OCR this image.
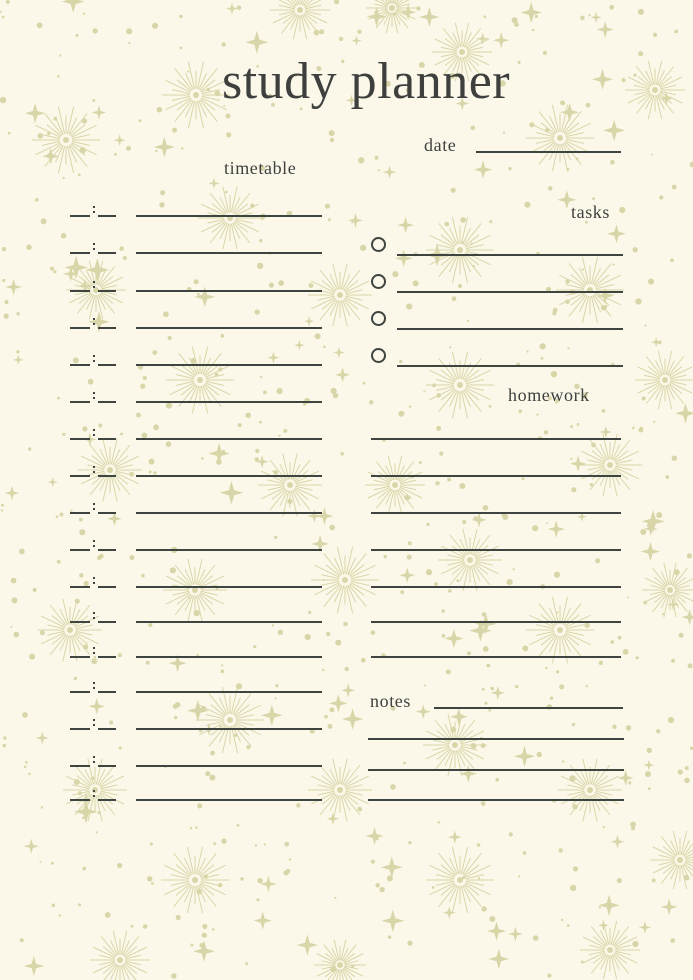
study planner
date
timetable
tasks
homework
notes
